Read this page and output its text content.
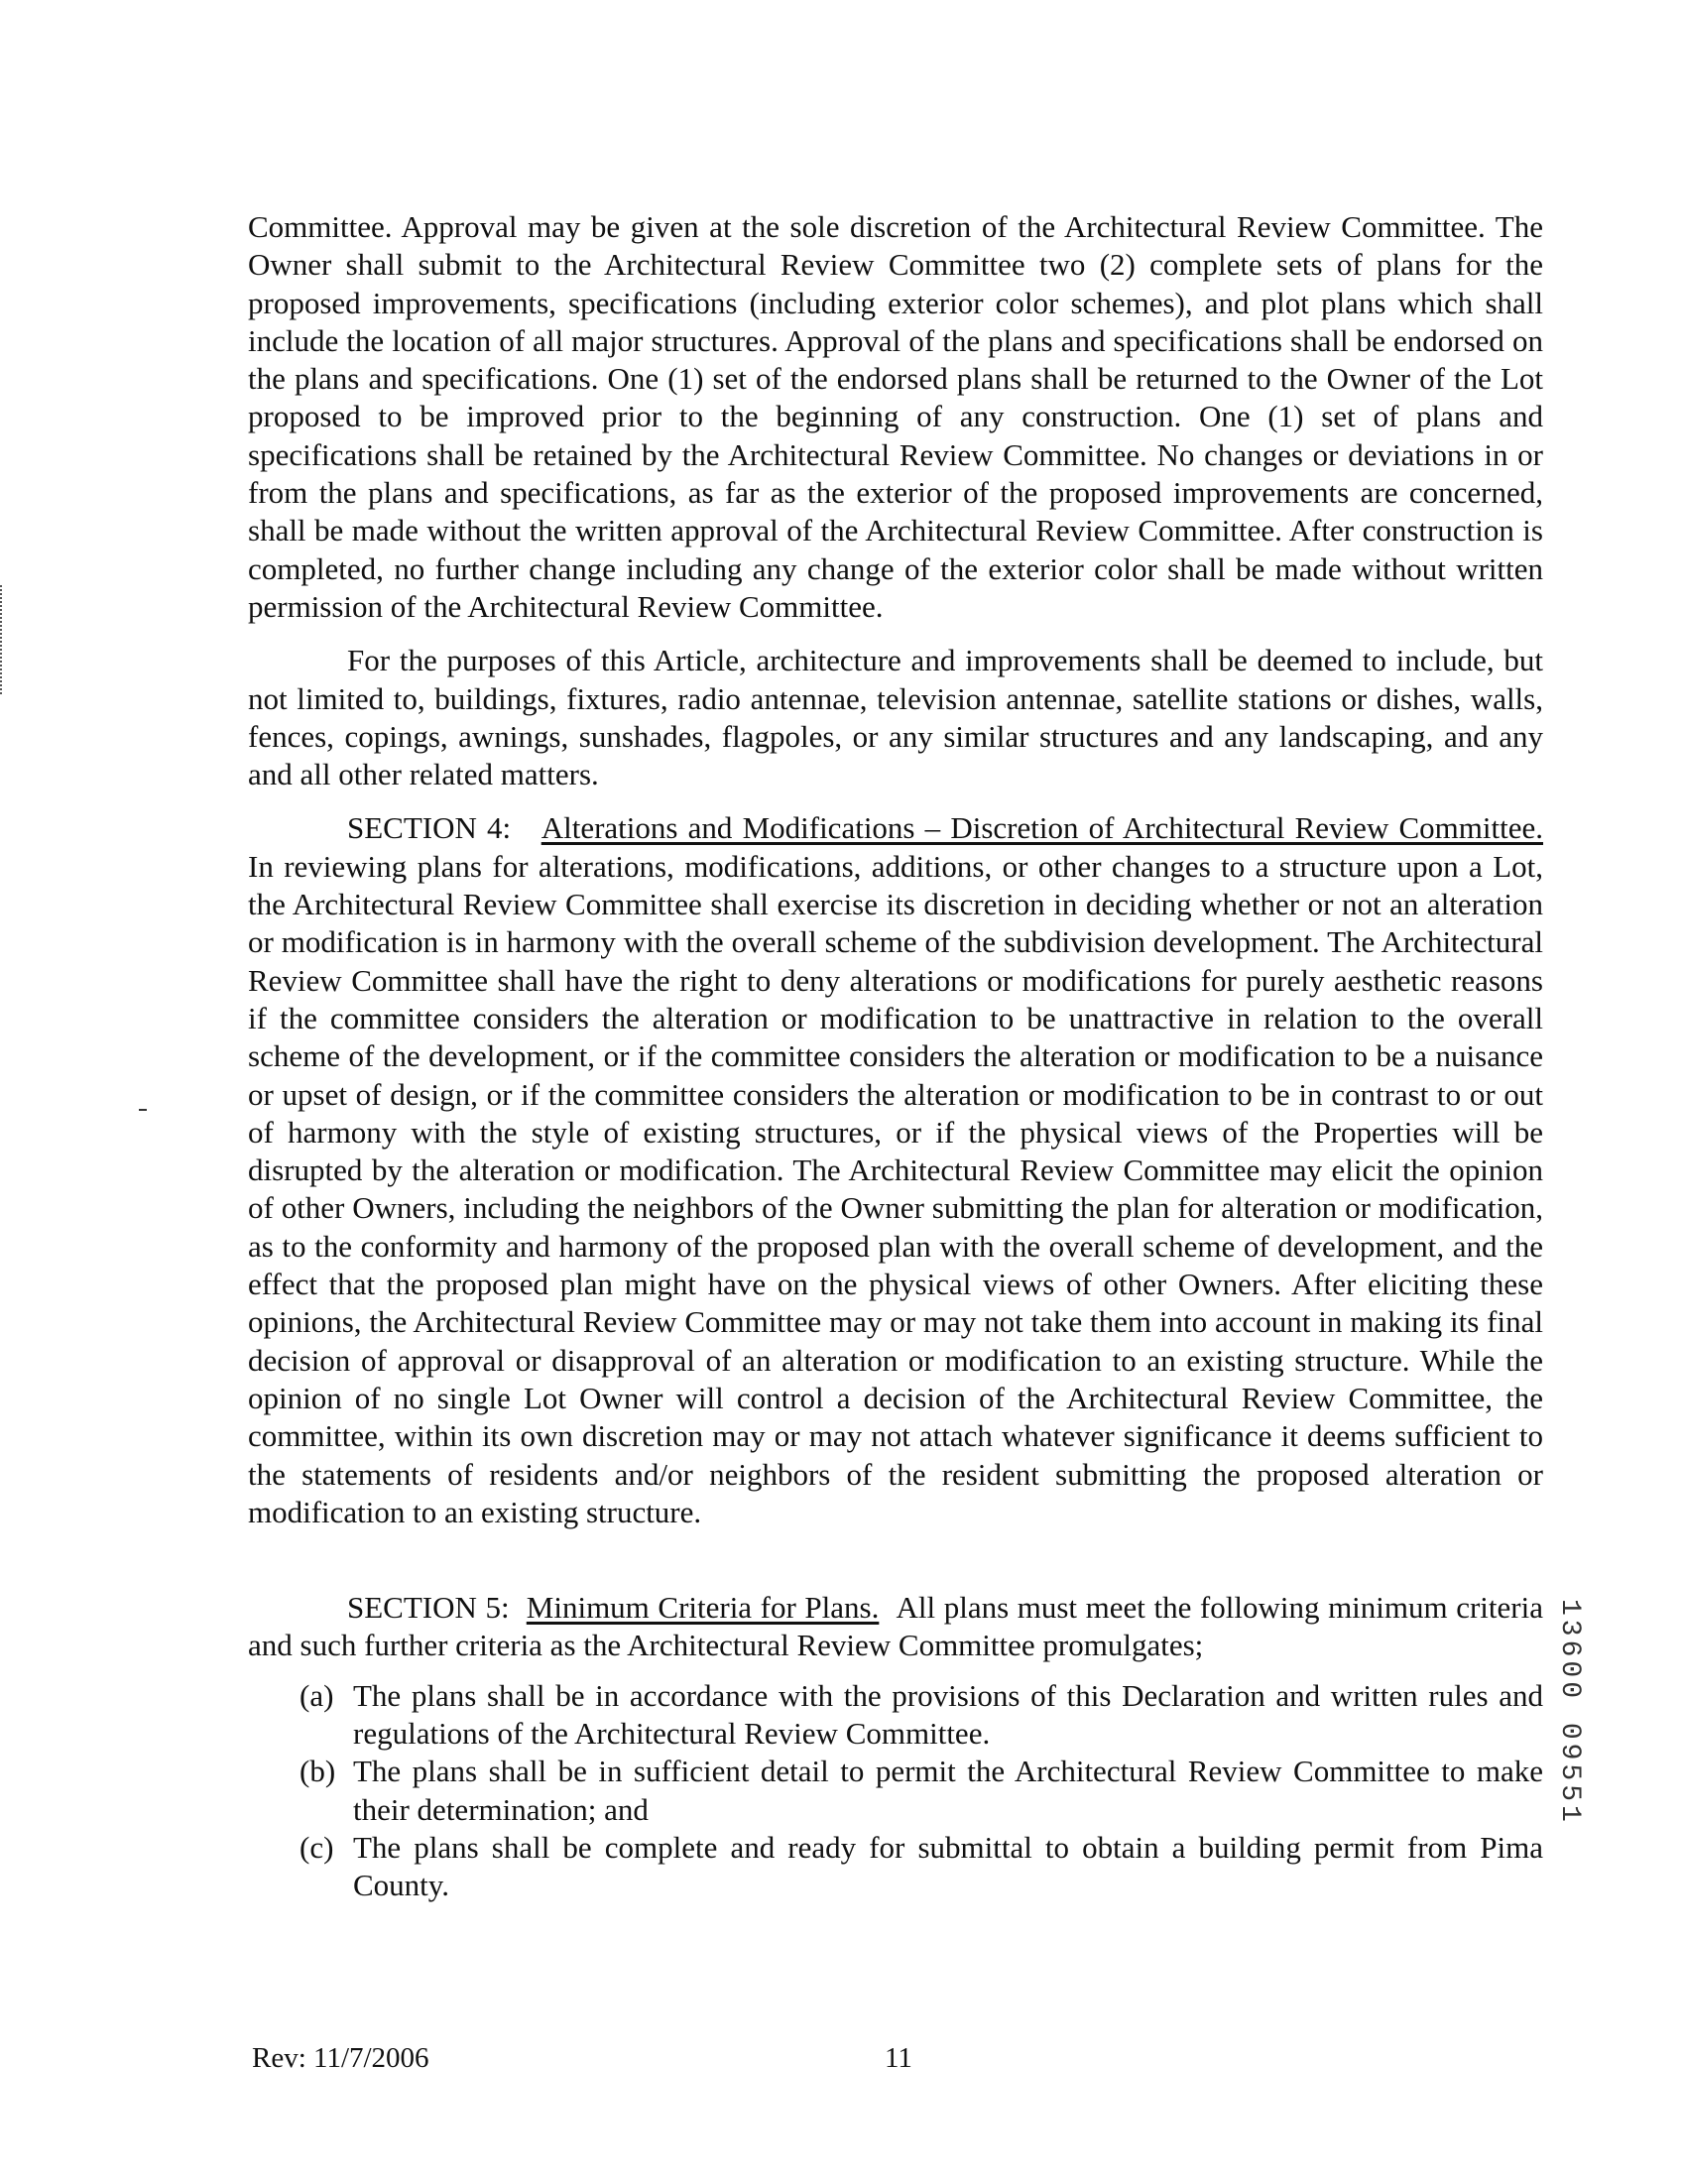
Committee. Approval may be given at the sole discretion of the Architectural Review Committee. The Owner shall submit to the Architectural Review Committee two (2) complete sets of plans for the proposed improvements, specifications (including exterior color schemes), and plot plans which shall include the location of all major structures. Approval of the plans and specifications shall be endorsed on the plans and specifications. One (1) set of the endorsed plans shall be returned to the Owner of the Lot proposed to be improved prior to the beginning of any construction. One (1) set of plans and specifications shall be retained by the Architectural Review Committee. No changes or deviations in or from the plans and specifications, as far as the exterior of the proposed improvements are concerned, shall be made without the written approval of the Architectural Review Committee. After construction is completed, no further change including any change of the exterior color shall be made without written permission of the Architectural Review Committee.

For the purposes of this Article, architecture and improvements shall be deemed to include, but not limited to, buildings, fixtures, radio antennae, television antennae, satellite stations or dishes, walls, fences, copings, awnings, sunshades, flagpoles, or any similar structures and any landscaping, and any and all other related matters.

SECTION 4: Alterations and Modifications – Discretion of Architectural Review Committee. In reviewing plans for alterations, modifications, additions, or other changes to a structure upon a Lot, the Architectural Review Committee shall exercise its discretion in deciding whether or not an alteration or modification is in harmony with the overall scheme of the subdivision development. The Architectural Review Committee shall have the right to deny alterations or modifications for purely aesthetic reasons if the committee considers the alteration or modification to be unattractive in relation to the overall scheme of the development, or if the committee considers the alteration or modification to be a nuisance or upset of design, or if the committee considers the alteration or modification to be in contrast to or out of harmony with the style of existing structures, or if the physical views of the Properties will be disrupted by the alteration or modification. The Architectural Review Committee may elicit the opinion of other Owners, including the neighbors of the Owner submitting the plan for alteration or modification, as to the conformity and harmony of the proposed plan with the overall scheme of development, and the effect that the proposed plan might have on the physical views of other Owners. After eliciting these opinions, the Architectural Review Committee may or may not take them into account in making its final decision of approval or disapproval of an alteration or modification to an existing structure. While the opinion of no single Lot Owner will control a decision of the Architectural Review Committee, the committee, within its own discretion may or may not attach whatever significance it deems sufficient to the statements of residents and/or neighbors of the resident submitting the proposed alteration or modification to an existing structure.

SECTION 5: Minimum Criteria for Plans. All plans must meet the following minimum criteria and such further criteria as the Architectural Review Committee promulgates;

(a) The plans shall be in accordance with the provisions of this Declaration and written rules and regulations of the Architectural Review Committee.
(b) The plans shall be in sufficient detail to permit the Architectural Review Committee to make their determination; and
(c) The plans shall be complete and ready for submittal to obtain a building permit from Pima County.
Rev: 11/7/2006	11
13600 09551
